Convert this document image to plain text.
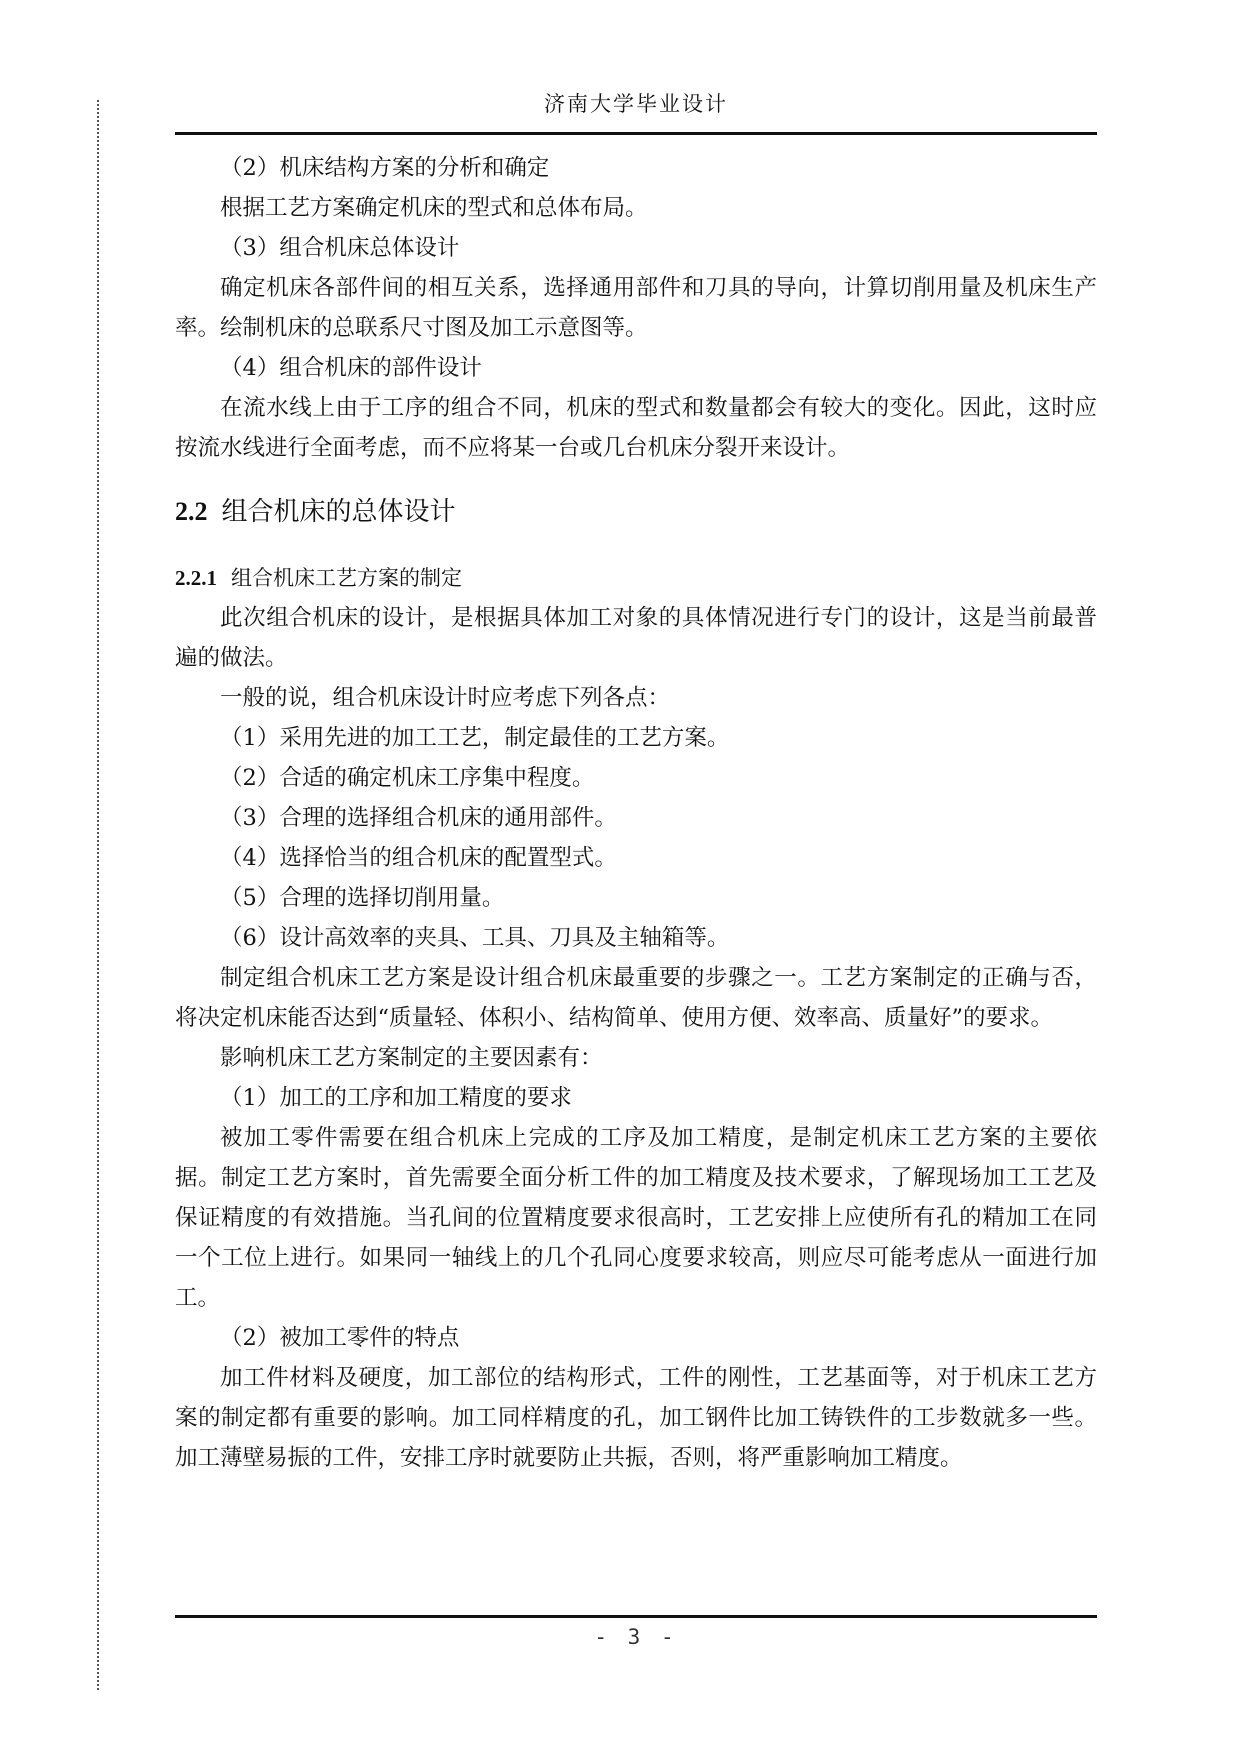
济南大学毕业设计

（2）机床结构方案的分析和确定

根据工艺方案确定机床的型式和总体布局。

（3）组合机床总体设计

确定机床各部件间的相互关系，选择通用部件和刀具的导向，计算切削用量及机床生产率。绘制机床的总联系尺寸图及加工示意图等。

（4）组合机床的部件设计

在流水线上由于工序的组合不同，机床的型式和数量都会有较大的变化。因此，这时应按流水线进行全面考虑，而不应将某一台或几台机床分裂开来设计。

2.2 组合机床的总体设计
2.2.1 组合机床工艺方案的制定

此次组合机床的设计，是根据具体加工对象的具体情况进行专门的设计，这是当前最普遍的做法。

一般的说，组合机床设计时应考虑下列各点：

（1）采用先进的加工工艺，制定最佳的工艺方案。

（2）合适的确定机床工序集中程度。

（3）合理的选择组合机床的通用部件。

（4）选择恰当的组合机床的配置型式。

（5）合理的选择切削用量。

（6）设计高效率的夹具、工具、刀具及主轴箱等。

制定组合机床工艺方案是设计组合机床最重要的步骤之一。工艺方案制定的正确与否，将决定机床能否达到“质量轻、体积小、结构简单、使用方便、效率高、质量好”的要求。

影响机床工艺方案制定的主要因素有：

（1）加工的工序和加工精度的要求

被加工零件需要在组合机床上完成的工序及加工精度，是制定机床工艺方案的主要依据。制定工艺方案时，首先需要全面分析工件的加工精度及技术要求，了解现场加工工艺及保证精度的有效措施。当孔间的位置精度要求很高时，工艺安排上应使所有孔的精加工在同一个工位上进行。如果同一轴线上的几个孔同心度要求较高，则应尽可能考虑从一面进行加工。

（2）被加工零件的特点

加工件材料及硬度，加工部位的结构形式，工件的刚性，工艺基面等，对于机床工艺方案的制定都有重要的影响。加工同样精度的孔，加工钢件比加工铸铁件的工步数就多一些。加工薄壁易振的工件，安排工序时就要防止共振，否则，将严重影响加工精度。

- 3 -
